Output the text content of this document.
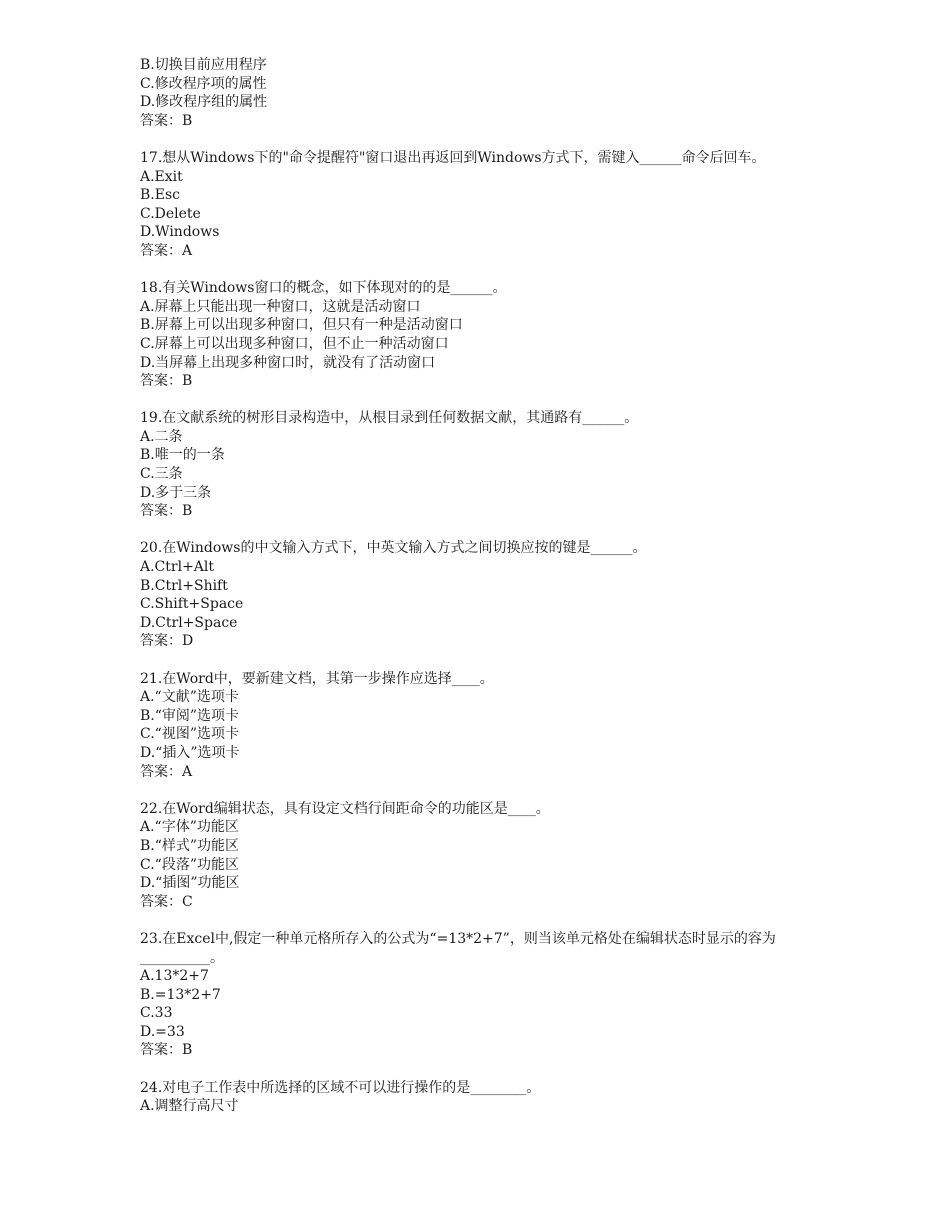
B.切换目前应用程序
C.修改程序项的属性
D.修改程序组的属性
答案：B
17.想从Windows下的"命令提醒符"窗口退出再返回到Windows方式下，需键入______命令后回车。
A.Exit
B.Esc
C.Delete
D.Windows
答案：A
18.有关Windows窗口的概念，如下体现对的的是______。
A.屏幕上只能出现一种窗口，这就是活动窗口
B.屏幕上可以出现多种窗口，但只有一种是活动窗口
C.屏幕上可以出现多种窗口，但不止一种活动窗口
D.当屏幕上出现多种窗口时，就没有了活动窗口
答案：B
19.在文献系统的树形目录构造中，从根目录到任何数据文献，其通路有______。
A.二条
B.唯一的一条
C.三条
D.多于三条
答案：B
20.在Windows的中文输入方式下，中英文输入方式之间切换应按的键是______。
A.Ctrl+Alt
B.Ctrl+Shift
C.Shift+Space
D.Ctrl+Space
答案：D
21.在Word中，要新建文档，其第一步操作应选择____。
A.“文献”选项卡
B.“审阅”选项卡
C.“视图”选项卡
D.“插入”选项卡
答案：A
22.在Word编辑状态，具有设定文档行间距命令的功能区是____。
A.“字体”功能区
B.“样式”功能区
C.“段落”功能区
D.“插图”功能区
答案：C
23.在Excel中,假定一种单元格所存入的公式为“=13*2+7”，则当该单元格处在编辑状态时显示的容为__________。
A.13*2+7
B.=13*2+7
C.33
D.=33
答案：B
24.对电子工作表中所选择的区域不可以进行操作的是________。
A.调整行高尺寸
